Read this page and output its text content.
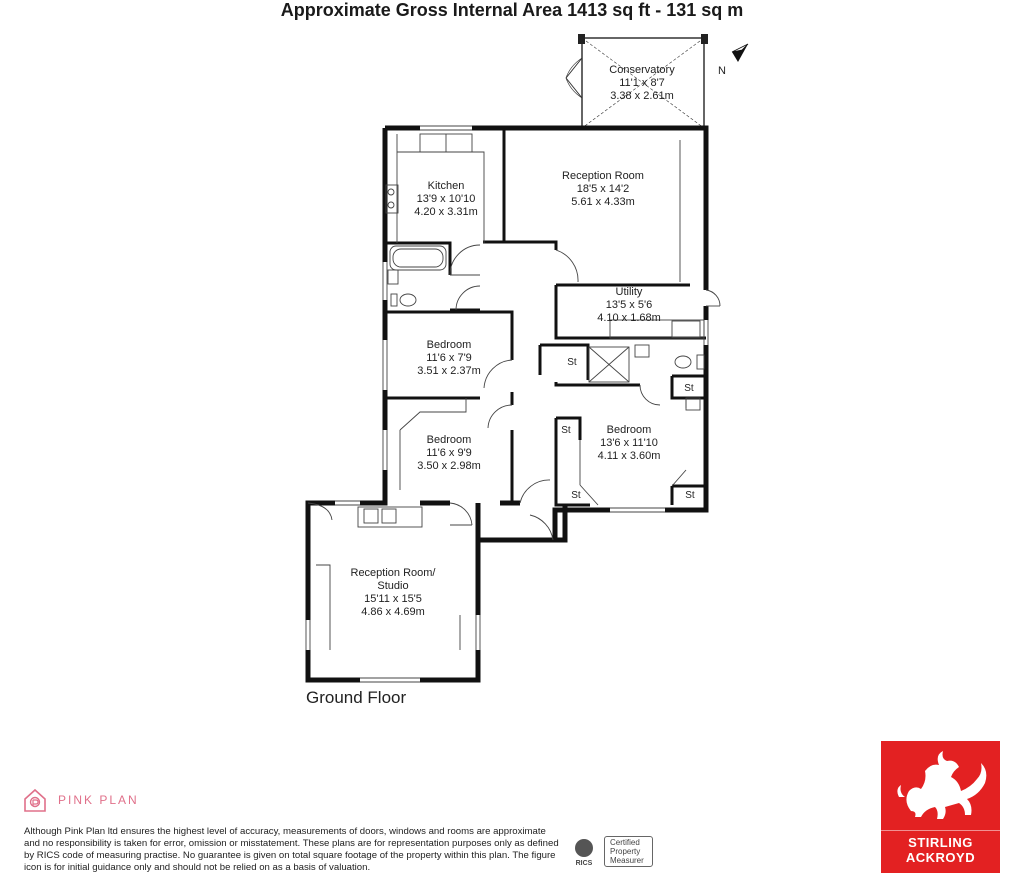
Approximate Gross Internal Area 1413 sq ft - 131 sq m
N
Conservatory
11'1 x 8'7
3.38 x 2.61m
Reception Room
18'5 x 14'2
5.61 x 4.33m
Kitchen
13'9 x 10'10
4.20 x 3.31m
Utility
13'5 x 5'6
4.10 x 1.68m
Bedroom
11'6 x 7'9
3.51 x 2.37m
Bedroom
11'6 x 9'9
3.50 x 2.98m
Bedroom
13'6 x 11'10
4.11 x 3.60m
Reception Room/
Studio
15'11 x 15'5
4.86 x 4.69m
St
St
St
St	St
Ground Floor
PINK PLAN
Although Pink Plan ltd ensures the highest level of accuracy, measurements of doors, windows and rooms are approximate and no responsibility is taken for error, omission or misstatement. These plans are for representation purposes only as defined by RICS code of measuring practise. No guarantee is given on total square footage of the property within this plan. The figure icon is for initial guidance only and should not be relied on as a basis of valuation.	RICS
Certified
Property
Measurer
STIRLING
ACKROYD
